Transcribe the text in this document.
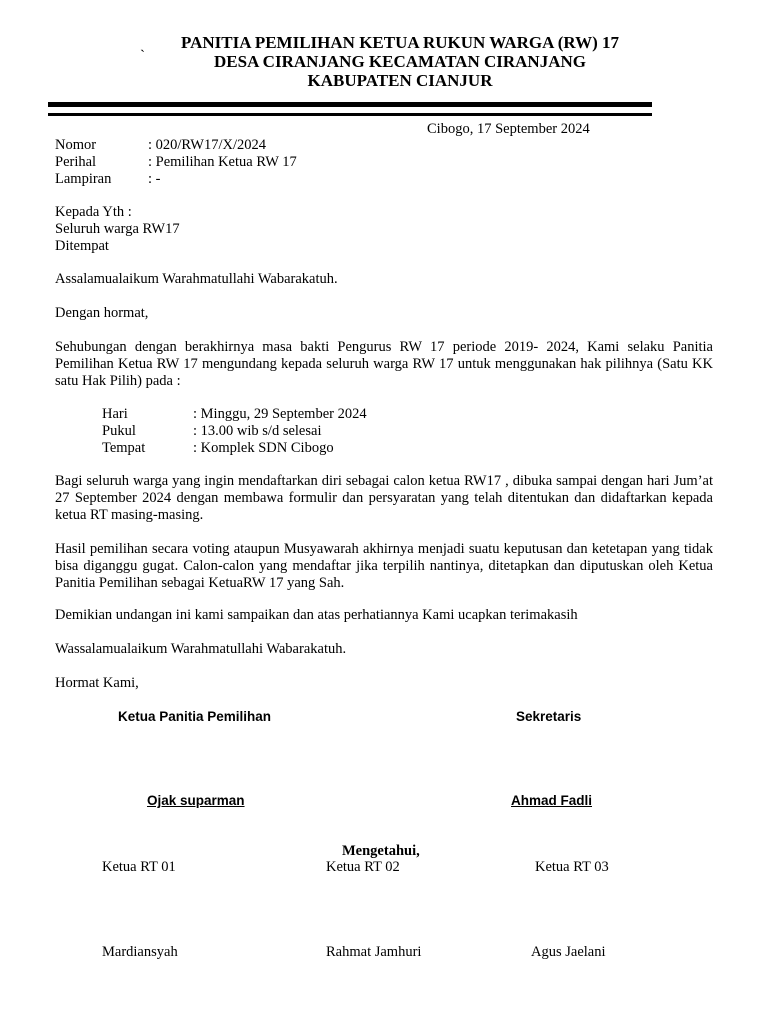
PANITIA PEMILIHAN KETUA RUKUN WARGA (RW) 17
`	DESA CIRANJANG KECAMATAN CIRANJANG
KABUPATEN CIANJUR
Cibogo, 17 September 2024
Nomor	: 020/RW17/X/2024
Perihal	: Pemilihan Ketua RW 17
Lampiran	: -
Kepada Yth :
Seluruh warga RW17
Ditempat
Assalamualaikum Warahmatullahi Wabarakatuh.
Dengan hormat,
Sehubungan dengan berakhirnya masa bakti Pengurus RW 17 periode 2019- 2024, Kami selaku Panitia Pemilihan Ketua RW 17 mengundang kepada seluruh warga RW 17 untuk menggunakan hak pilihnya (Satu KK satu Hak Pilih) pada :
Hari	: Minggu, 29 September 2024
Pukul	: 13.00 wib s/d selesai
Tempat	: Komplek SDN Cibogo
Bagi seluruh warga yang ingin mendaftarkan diri sebagai calon ketua RW17 , dibuka sampai dengan hari Jum’at 27 September 2024 dengan membawa formulir dan persyaratan yang telah ditentukan dan didaftarkan kepada ketua RT masing-masing.
Hasil pemilihan secara voting ataupun Musyawarah akhirnya menjadi suatu keputusan dan ketetapan yang tidak bisa diganggu gugat. Calon-calon yang mendaftar jika terpilih nantinya, ditetapkan dan diputuskan oleh Ketua Panitia Pemilihan sebagai KetuaRW 17 yang Sah.
Demikian undangan ini kami sampaikan dan atas perhatiannya Kami ucapkan terimakasih
Wassalamualaikum Warahmatullahi Wabarakatuh.
Hormat Kami,
Ketua Panitia Pemilihan	Sekretaris
Ojak suparman	Ahmad Fadli
Mengetahui,
Ketua RT 01	Ketua RT 02	Ketua RT 03
Mardiansyah	Rahmat Jamhuri	Agus Jaelani
